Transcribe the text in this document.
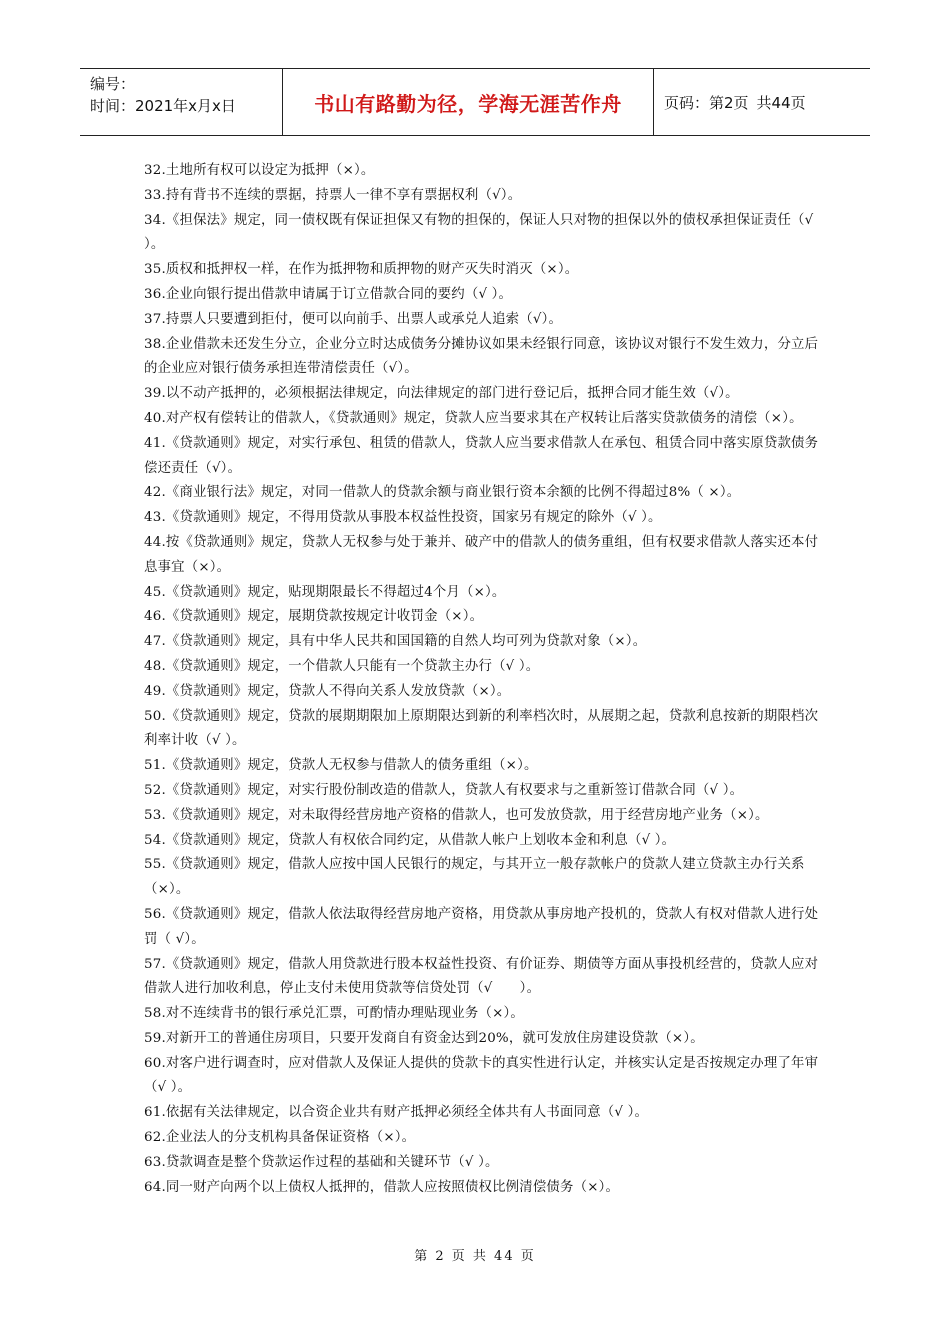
编号：
时间：2021年x月x日	书山有路勤为径，学海无涯苦作舟	页码：第2页 共44页

32.土地所有权可以设定为抵押（×）。

33.持有背书不连续的票据，持票人一律不享有票据权利（√）。

34.《担保法》规定，同一债权既有保证担保又有物的担保的，保证人只对物的担保以外的债权承担保证责任（√ ）。

35.质权和抵押权一样，在作为抵押物和质押物的财产灭失时消灭（×）。

36.企业向银行提出借款申请属于订立借款合同的要约（√ ）。

37.持票人只要遭到拒付，便可以向前手、出票人或承兑人追索（√）。

38.企业借款未还发生分立，企业分立时达成债务分摊协议如果未经银行同意，该协议对银行不发生效力，分立后的企业应对银行债务承担连带清偿责任（√）。

39.以不动产抵押的，必须根据法律规定，向法律规定的部门进行登记后，抵押合同才能生效（√）。

40.对产权有偿转让的借款人，《贷款通则》规定，贷款人应当要求其在产权转让后落实贷款债务的清偿（×）。

41.《贷款通则》规定，对实行承包、租赁的借款人，贷款人应当要求借款人在承包、租赁合同中落实原贷款债务偿还责任（√）。

42.《商业银行法》规定，对同一借款人的贷款余额与商业银行资本余额的比例不得超过8%（ ×）。

43.《贷款通则》规定，不得用贷款从事股本权益性投资，国家另有规定的除外（√ ）。

44.按《贷款通则》规定，贷款人无权参与处于兼并、破产中的借款人的债务重组，但有权要求借款人落实还本付息事宜（×）。

45.《贷款通则》规定，贴现期限最长不得超过4个月（×）。

46.《贷款通则》规定，展期贷款按规定计收罚金（×）。

47.《贷款通则》规定，具有中华人民共和国国籍的自然人均可列为贷款对象（×）。

48.《贷款通则》规定，一个借款人只能有一个贷款主办行（√ ）。

49.《贷款通则》规定，贷款人不得向关系人发放贷款（×）。

50.《贷款通则》规定，贷款的展期期限加上原期限达到新的利率档次时，从展期之起，贷款利息按新的期限档次利率计收（√ ）。

51.《贷款通则》规定，贷款人无权参与借款人的债务重组（×）。

52.《贷款通则》规定，对实行股份制改造的借款人，贷款人有权要求与之重新签订借款合同（√ ）。

53.《贷款通则》规定，对未取得经营房地产资格的借款人，也可发放贷款，用于经营房地产业务（×）。

54.《贷款通则》规定，贷款人有权依合同约定，从借款人帐户上划收本金和利息（√ ）。

55.《贷款通则》规定，借款人应按中国人民银行的规定，与其开立一般存款帐户的贷款人建立贷款主办行关系（×）。

56.《贷款通则》规定，借款人依法取得经营房地产资格，用贷款从事房地产投机的，贷款人有权对借款人进行处罚（ √）。

57.《贷款通则》规定，借款人用贷款进行股本权益性投资、有价证券、期债等方面从事投机经营的，贷款人应对借款人进行加收利息，停止支付未使用贷款等信贷处罚（√　　）。

58.对不连续背书的银行承兑汇票，可酌情办理贴现业务（×）。

59.对新开工的普通住房项目，只要开发商自有资金达到20%，就可发放住房建设贷款（×）。

60.对客户进行调查时，应对借款人及保证人提供的贷款卡的真实性进行认定，并核实认定是否按规定办理了年审（√ ）。

61.依据有关法律规定，以合资企业共有财产抵押必须经全体共有人书面同意（√ ）。

62.企业法人的分支机构具备保证资格（×）。

63.贷款调查是整个贷款运作过程的基础和关键环节（√ ）。

64.同一财产向两个以上债权人抵押的，借款人应按照债权比例清偿债务（×）。

第 2 页 共 44 页
